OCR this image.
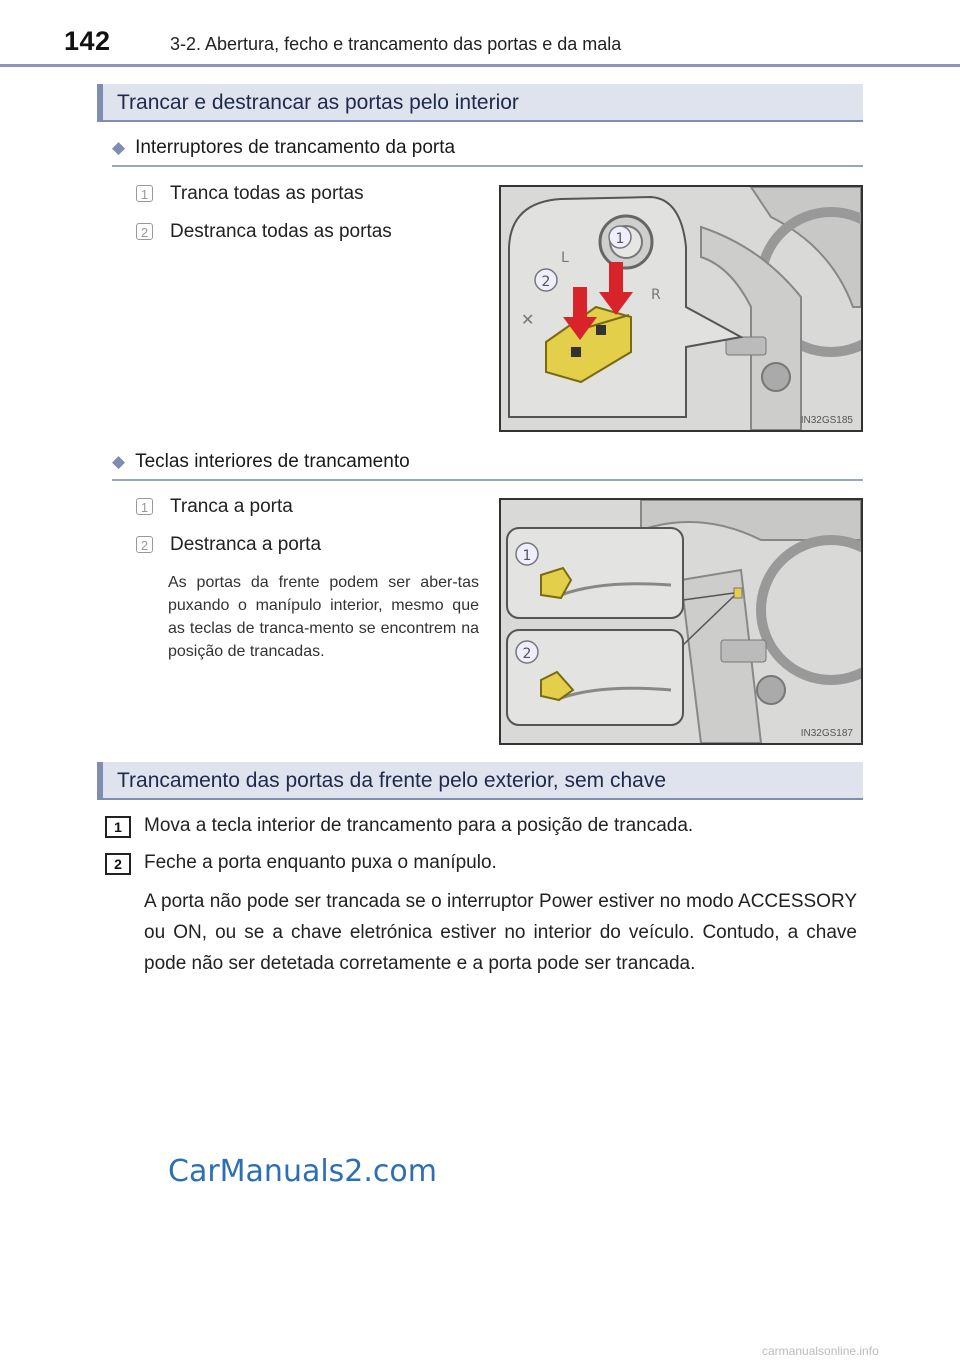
142	3-2. Abertura, fecho e trancamento das portas e da mala
Trancar e destrancar as portas pelo interior
◆ Interruptores de trancamento da porta
1 Tranca todas as portas
2 Destranca todas as portas
L
R
✕
1
2
IN32GS185
◆ Teclas interiores de trancamento
1 Tranca a porta
2 Destranca a porta
As portas da frente podem ser aber-tas puxando o manípulo interior, mesmo que as teclas de tranca-mento se encontrem na posição de trancadas.
1
2
IN32GS187
Trancamento das portas da frente pelo exterior, sem chave
1	Mova a tecla interior de trancamento para a posição de trancada.
2	Feche a porta enquanto puxa o manípulo.

A porta não pode ser trancada se o interruptor Power estiver no modo ACCESSORY ou ON, ou se a chave eletrónica estiver no interior do veículo. Contudo, a chave pode não ser detetada corretamente e a porta pode ser trancada.

CarManuals2.com
carmanualsonline.info
